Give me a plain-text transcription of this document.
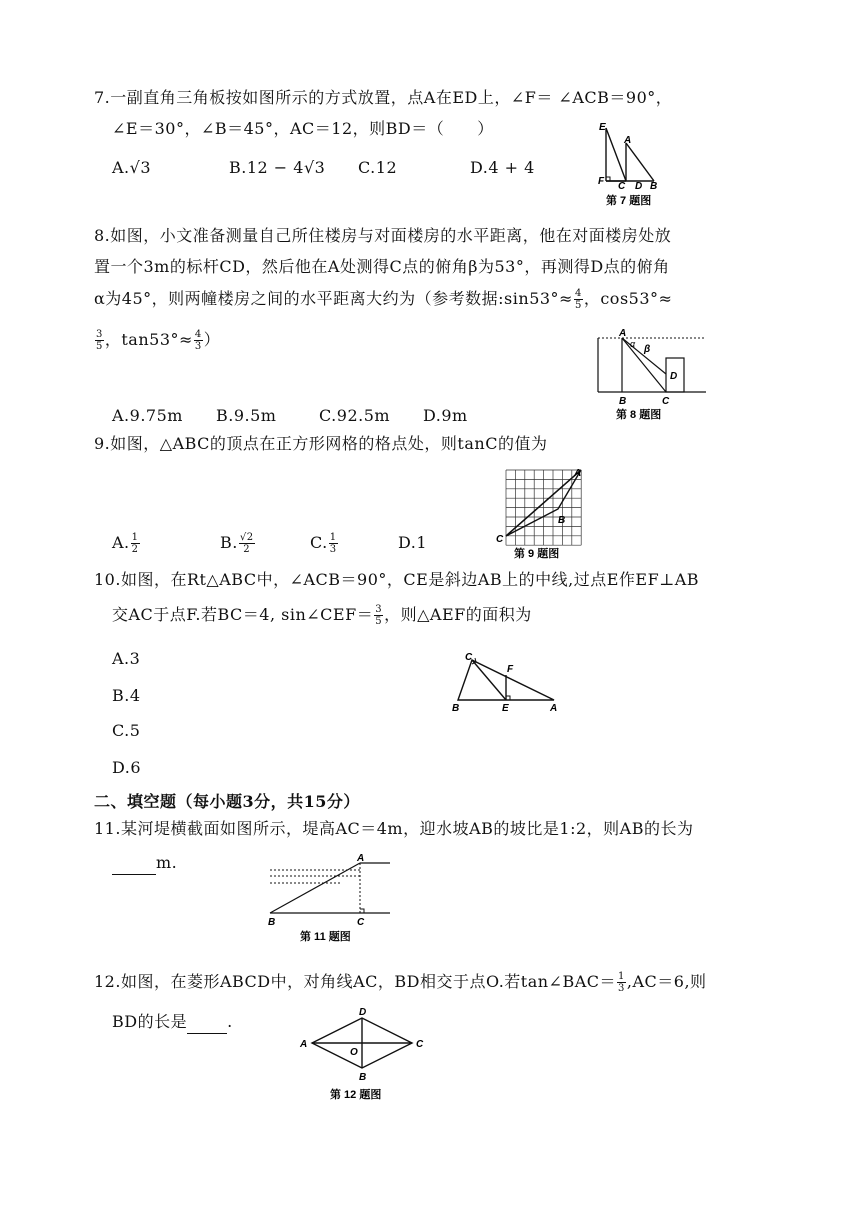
7.一副直角三角板按如图所示的方式放置，点A在ED上，∠F＝ ∠ACB＝90°，
∠E＝30°，∠B＝45°，AC＝12，则BD＝（　　）
A.√3	B.12 − 4√3 C.12	D.4 + 4
E
A
F C D B
第 7 题图
8.如图，小文准备测量自己所住楼房与对面楼房的水平距离，他在对面楼房处放
置一个3m的标杆CD，然后他在A处测得C点的俯角β为53°，再测得D点的俯角
α为45°，则两幢楼房之间的水平距离大约为（参考数据:sin53°≈ $\frac{4}{5}$ ，cos53°≈
$\frac{3}{5}$ ，$\tan 53^\circ\approx \frac{4}{3}$ ）
A.9.75m B.9.5m	C.92.5m D.9m
A
α β
D
B	C
第 8 题图
9.如图，△ABC的顶点在正方形网格的格点处，则tanC的值为
A. $\frac{1}{2}$	B. $\frac{√2}{2}$	C. $\frac{1}{3}$	D.1
A
B
C
第 9 题图
10.如图，在Rt△ABC中，∠ACB＝90°，CE是斜边AB上的中线,过点E作EF⊥AB
交AC于点F.若BC＝4, sin∠CEF＝ $\frac{3}{5}$ ，则△AEF的面积为
A.3
B.4
C.5
D.6
C
F
B	E	A
二、填空题（每小题3分，共15分）
11.某河堤横截面如图所示，堤高AC＝4m，迎水坡AB的坡比是1:2，则AB的长为
m.	A
B	C
第 11 题图
12.如图，在菱形ABCD中，对角线AC，BD相交于点O.若tan∠BAC＝ $\frac{1}{3} ,AC=6$,则
BD的长是	.	D
A
O
C
B
第 12 题图
